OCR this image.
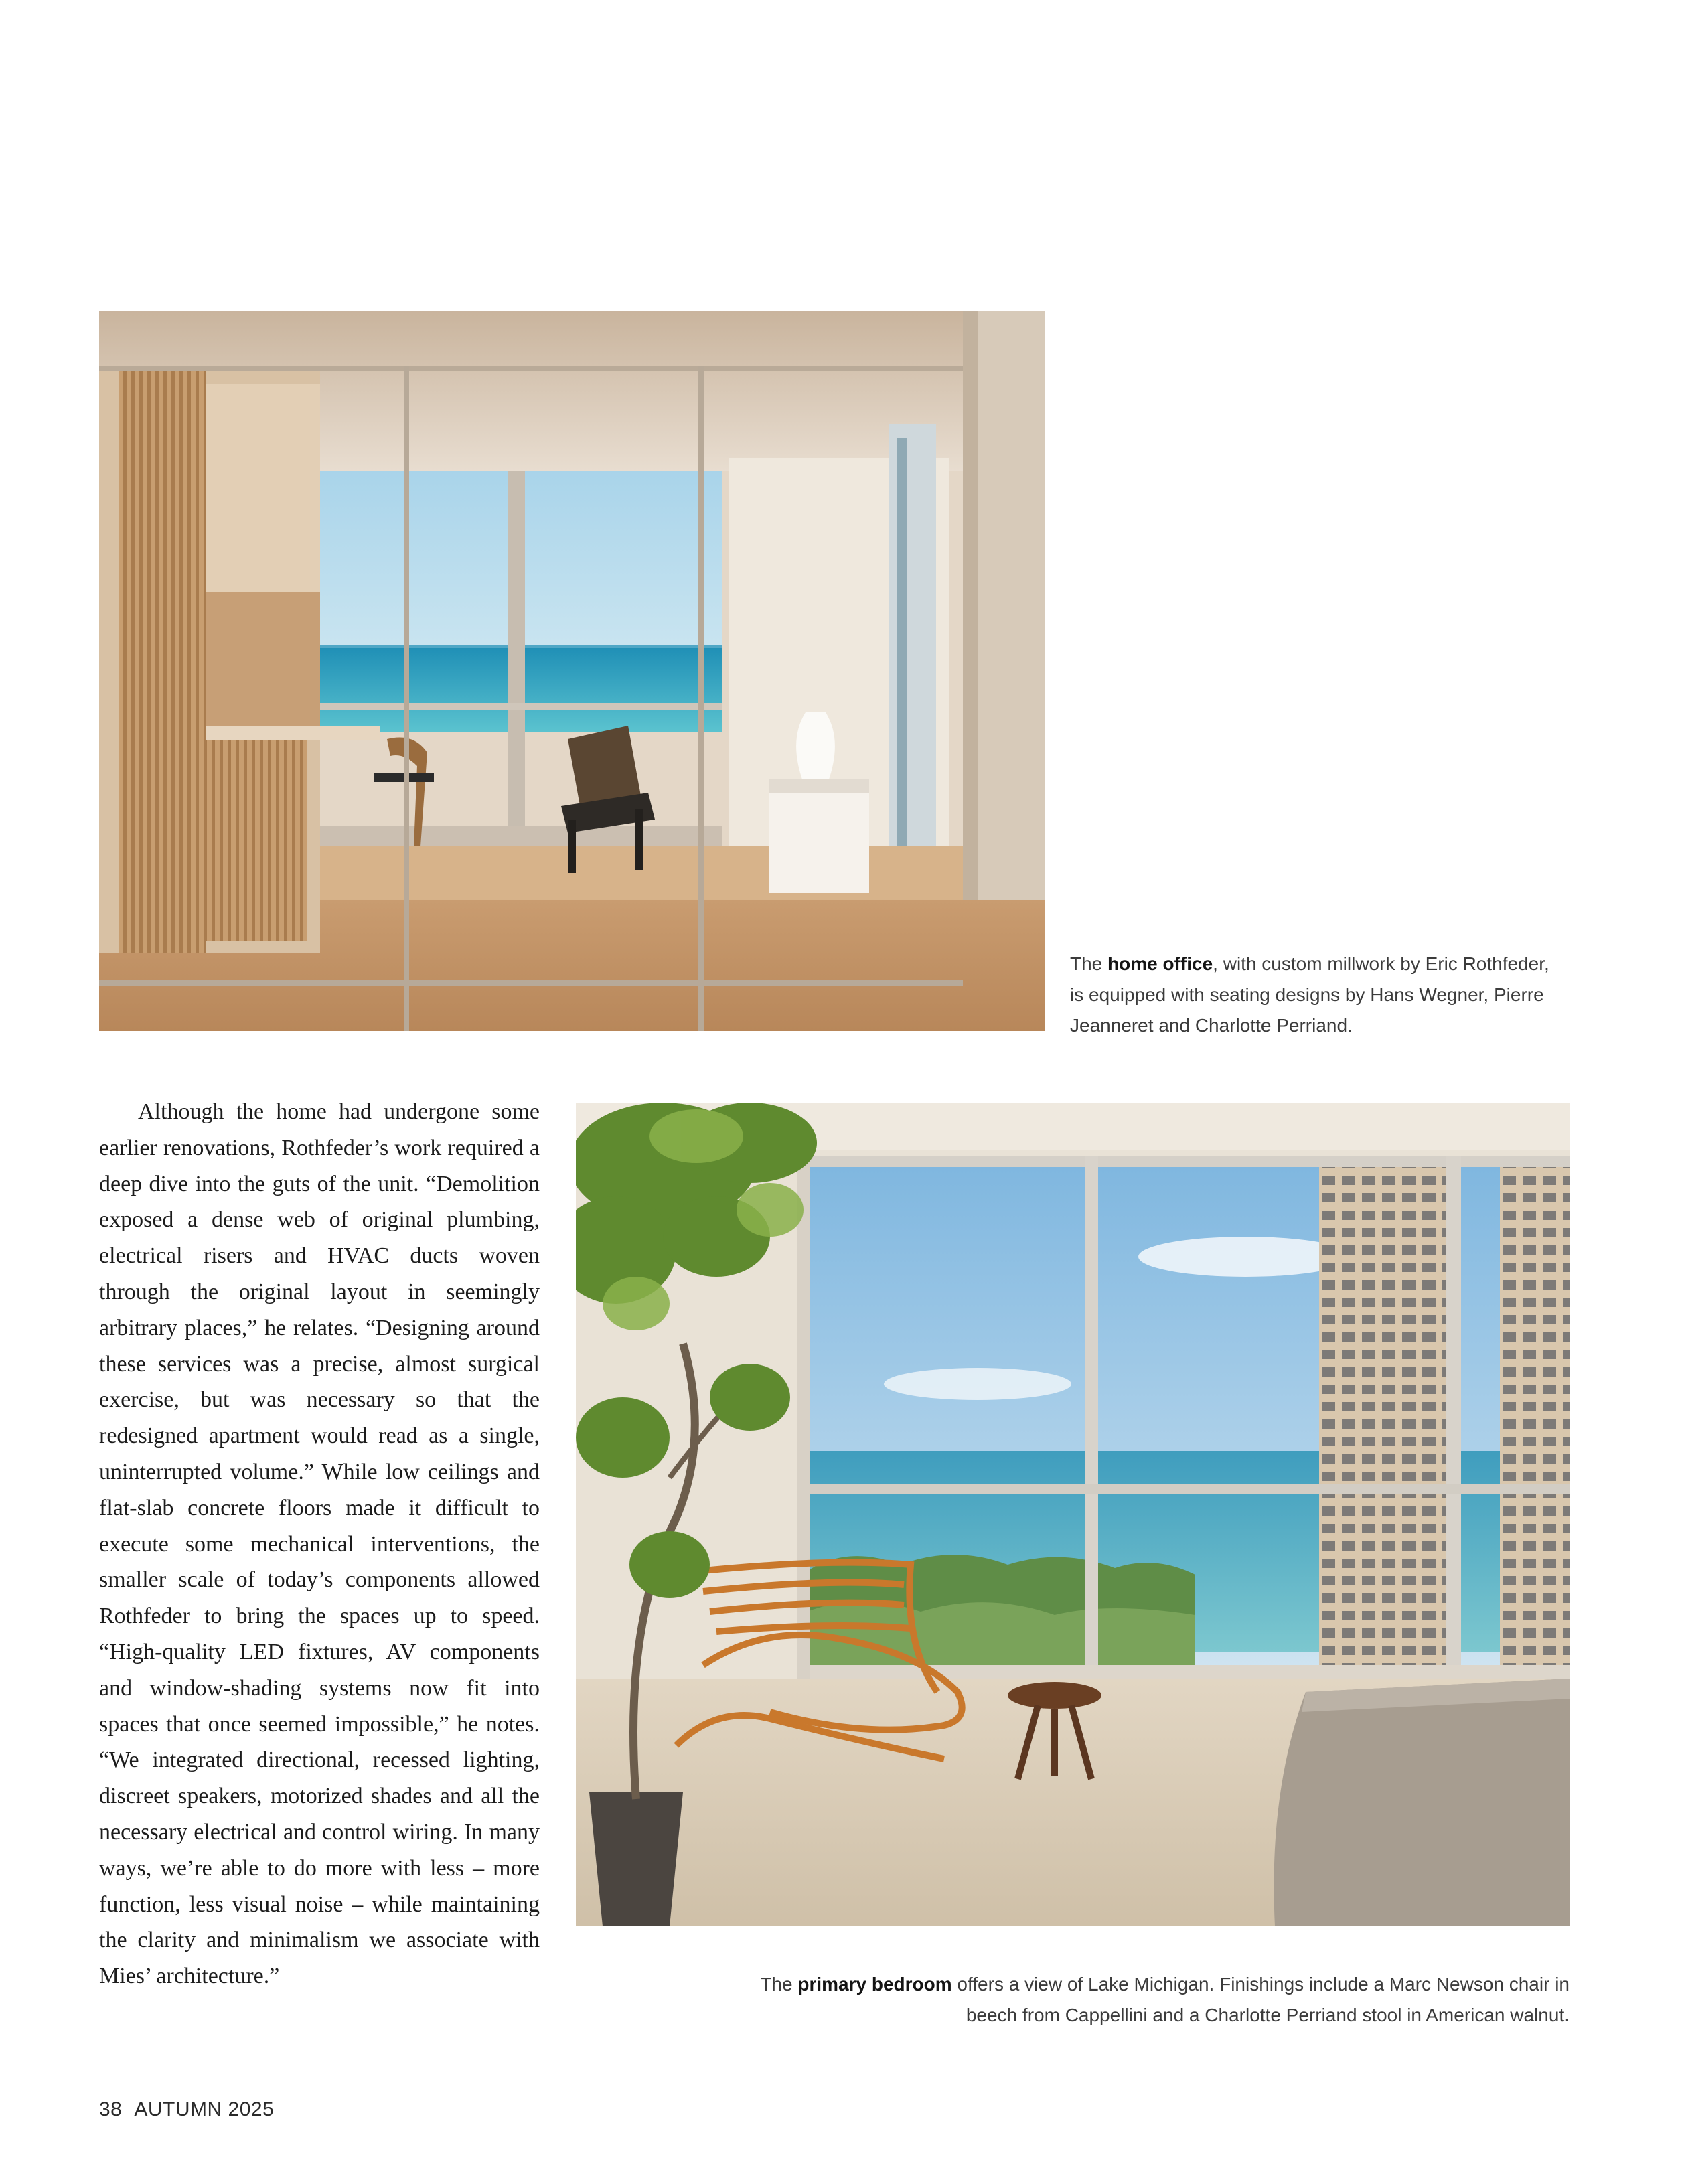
The home office, with custom millwork by Eric Rothfeder, is equipped with seating designs by Hans Wegner, Pierre Jeanneret and Charlotte Perriand.
The primary bedroom offers a view of Lake Michigan. Finishings include a Marc Newson chair in beech from Cappellini and a Charlotte Perriand stool in American walnut.

Although the home had undergone some earlier renovations, Rothfeder’s work required a deep dive into the guts of the unit. “Demolition exposed a dense web of original plumbing, electrical risers and HVAC ducts woven through the original layout in seemingly arbitrary places,” he relates. “Designing around these services was a precise, almost surgical exercise, but was necessary so that the redesigned apartment would read as a single, uninterrupted volume.” While low ceilings and flat-slab concrete floors made it difficult to execute some mechanical interventions, the smaller scale of today’s components allowed Rothfeder to bring the spaces up to speed. “High-quality LED fixtures, AV components and window-shading systems now fit into spaces that once seemed impossible,” he notes. “We integrated directional, recessed lighting, discreet speakers, motorized shades and all the necessary electrical and control wiring. In many ways, we’re able to do more with less – more function, less visual noise – while maintaining the clarity and minimalism we associate with Mies’ architecture.”

38 AUTUMN 2025
